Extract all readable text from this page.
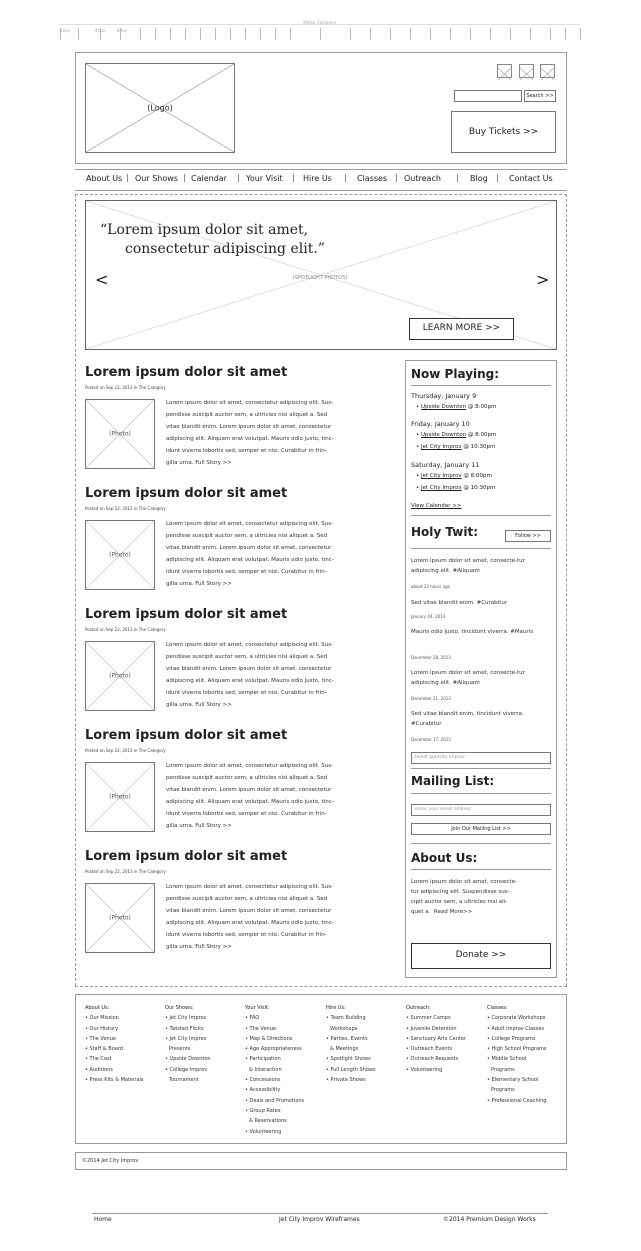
960px Container
10px	40px	80px
(Logo)
Search >>
Buy Tickets >>
About Us | Our Shows | Calendar | Your Visit | Hire Us | Classes | Outreach | Blog | Contact Us
“Lorem ipsum dolor sit amet,
consectetur adipiscing elit.”
(SPOTLIGHT PHOTOS)
<	>
LEARN MORE >>
Lorem ipsum dolor sit amet
Posted on Sep 22, 2013 in The Category
(Photo)
Lorem ipsum dolor sit amet, consectetur adipiscing elit. Sus-
pendisse suscipit auctor sem, a ultricies nisi aliquet a. Sed
vitae blandit enim. Lorem ipsum dolor sit amet, consectetur
adipiscing elit. Aliquam erat volutpat. Mauris odio justo, tinc-
idunt viverra lobortis sed, semper et nisi. Curabitur in frin-
gilla urna. Full Story >>
Lorem ipsum dolor sit amet
Posted on Sep 22, 2013 in The Category
(Photo)
Lorem ipsum dolor sit amet, consectetur adipiscing elit. Sus-
pendisse suscipit auctor sem, a ultricies nisi aliquet a. Sed
vitae blandit enim. Lorem ipsum dolor sit amet, consectetur
adipiscing elit. Aliquam erat volutpat. Mauris odio justo, tinc-
idunt viverra lobortis sed, semper et nisi. Curabitur in frin-
gilla urna. Full Story >>
Lorem ipsum dolor sit amet
Posted on Sep 22, 2013 in The Category
(Photo)
Lorem ipsum dolor sit amet, consectetur adipiscing elit. Sus-
pendisse suscipit auctor sem, a ultricies nisi aliquet a. Sed
vitae blandit enim. Lorem ipsum dolor sit amet, consectetur
adipiscing elit. Aliquam erat volutpat. Mauris odio justo, tinc-
idunt viverra lobortis sed, semper et nisi. Curabitur in frin-
gilla urna. Full Story >>
Lorem ipsum dolor sit amet
Posted on Sep 22, 2013 in The Category
(Photo)
Lorem ipsum dolor sit amet, consectetur adipiscing elit. Sus-
pendisse suscipit auctor sem, a ultricies nisi aliquet a. Sed
vitae blandit enim. Lorem ipsum dolor sit amet, consectetur
adipiscing elit. Aliquam erat volutpat. Mauris odio justo, tinc-
idunt viverra lobortis sed, semper et nisi. Curabitur in frin-
gilla urna. Full Story >>
Lorem ipsum dolor sit amet
Posted on Sep 22, 2013 in The Category
(Photo)
Lorem ipsum dolor sit amet, consectetur adipiscing elit. Sus-
pendisse suscipit auctor sem, a ultricies nisi aliquet a. Sed
vitae blandit enim. Lorem ipsum dolor sit amet, consectetur
adipiscing elit. Aliquam erat volutpat. Mauris odio justo, tinc-
idunt viverra lobortis sed, semper et nisi. Curabitur in frin-
gilla urna. Full Story >>
Now Playing:
Thursday, January 9
• Upside Downton @ 8:00pm
Friday, January 10
• Upside Downton @ 8:00pm
• Jet City Improv @ 10:30pm
Saturday, January 11
• Jet City Improv @ 8:00pm
• Jet City Improv @ 10:30pm
View Calendar >>
Holy Twit:	Follow >>
Lorem ipsum dolor sit amet, consecte-tur adipiscing elit. #Aliquam
about 23 hours ago
Sed vitae blandit enim. #Curabitur
January 04, 2014
Mauris odio justo, tincidunt viverra. #Mauris
December 28, 2013
Lorem ipsum dolor sit amet, consecte-tur adipiscing elit. #Aliquam
December 21, 2013
Sed vitae blandit enim, tincidunt viverra. #Curabitur
December 17, 2013
tweet @jetcity improv
Mailing List:
enter your email address
Join Our Mailing List >>
About Us:
Lorem ipsum dolor sit amet, consecte-
tur adipiscing elit. Suspendisse sus-
cipit auctor sem, a ultricies nisi ali-
quet a. Read More>>
Donate >>
About Us:
• Our Mission
• Our History
• The Venue
• Staff & Board
• The Cast
• Auditions
• Press Kits & Materials
Our Shows:
• Jet City Improv
• Twisted Flicks
• Jet City Improv
Presents
• Upside Downton
• College Improv
Tournament
Your Visit:
• FAQ
• The Venue
• Map & Directions
• Age Appropriateness
• Participation
& Interaction
• Concessions
• Accessibility
• Deals and Promotions
• Group Rates
& Reservations
• Volunteering
Hire Us:
• Team Building
Workshops
• Parties, Events
& Meetings
• Spotlight Shows
• Full Length Shows
• Private Shows
Outreach:
• Summer Camps
• Juvenile Detention
• Sanctuary Arts Center
• Outreach Events
• Outreach Requests
• Volunteering
Classes:
• Corporate Workshops
• Adult Improv Classes
• College Programs
• High School Programs
• Middle School
Programs
• Elementary School
Programs
• Professional Coaching
©2014 Jet City Improv
Home	Jet City Improv Wireframes	©2014 Premium Design Works
